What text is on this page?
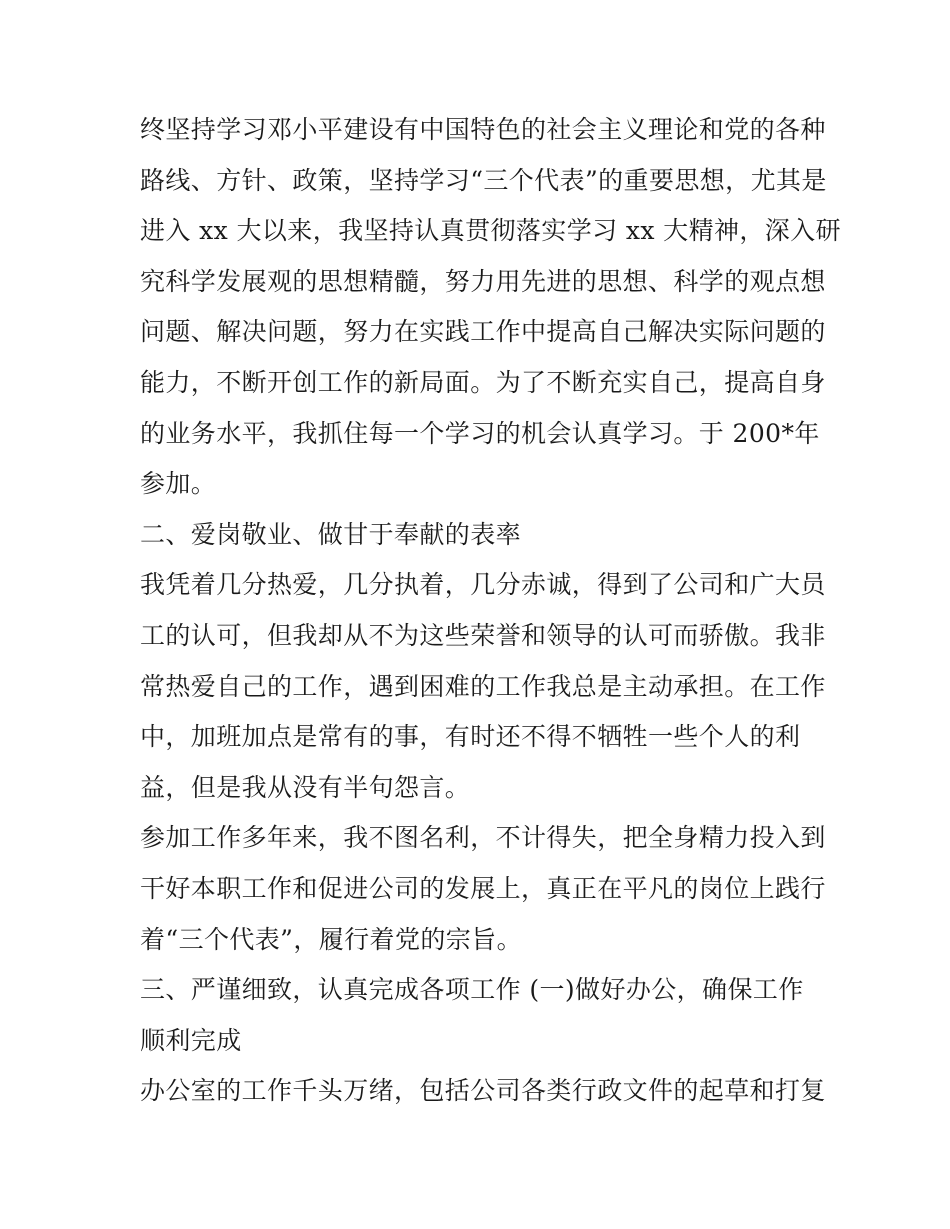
终坚持学习邓小平建设有中国特色的社会主义理论和党的各种
路线、方针、政策，坚持学习“三个代表”的重要思想，尤其是
进入 xx 大以来，我坚持认真贯彻落实学习 xx 大精神，深入研
究科学发展观的思想精髓，努力用先进的思想、科学的观点想
问题、解决问题，努力在实践工作中提高自己解决实际问题的
能力，不断开创工作的新局面。为了不断充实自己，提高自身
的业务水平，我抓住每一个学习的机会认真学习。于 200*年
参加。
二、爱岗敬业、做甘于奉献的表率
我凭着几分热爱，几分执着，几分赤诚，得到了公司和广大员
工的认可，但我却从不为这些荣誉和领导的认可而骄傲。我非
常热爱自己的工作，遇到困难的工作我总是主动承担。在工作
中，加班加点是常有的事，有时还不得不牺牲一些个人的利
益，但是我从没有半句怨言。
参加工作多年来，我不图名利，不计得失，把全身精力投入到
干好本职工作和促进公司的发展上，真正在平凡的岗位上践行
着“三个代表”，履行着党的宗旨。
三、严谨细致，认真完成各项工作 (一)做好办公，确保工作
顺利完成
办公室的工作千头万绪，包括公司各类行政文件的起草和打复
